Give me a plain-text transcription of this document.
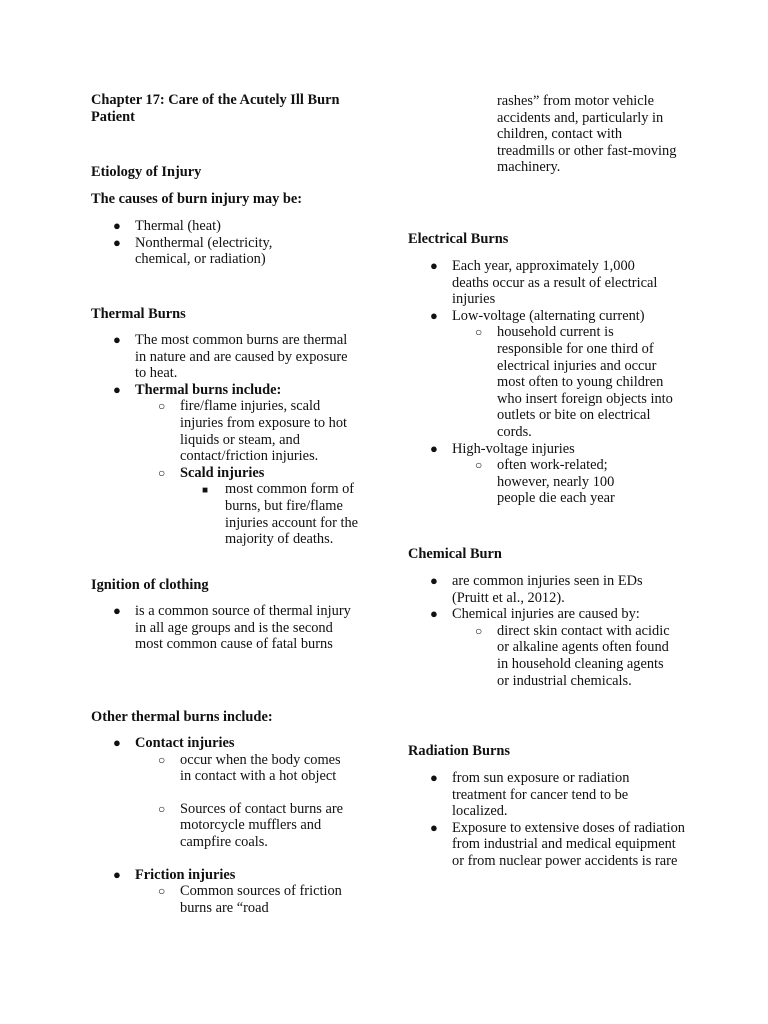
Chapter 17: Care of the Acutely Ill Burn Patient
Etiology of Injury
The causes of burn injury may be:
● Thermal (heat)
● Nonthermal (electricity, chemical, or radiation)
Thermal Burns
● The most common burns are thermal in nature and are caused by exposure to heat.
● Thermal burns include:
○ fire/flame injuries, scald injuries from exposure to hot liquids or steam, and contact/friction injuries.
○ Scald injuries
■ most common form of burns, but fire/flame injuries account for the majority of deaths.
Ignition of clothing
● is a common source of thermal injury in all age groups and is the second most common cause of fatal burns
Other thermal burns include:
● Contact injuries
○ occur when the body comes in contact with a hot object
○ Sources of contact burns are motorcycle mufflers and campfire coals.
● Friction injuries
○ Common sources of friction burns are “road

rashes” from motor vehicle accidents and, particularly in children, contact with treadmills or other fast-moving machinery.

Electrical Burns
● Each year, approximately 1,000 deaths occur as a result of electrical injuries
● Low-voltage (alternating current)
○ household current is responsible for one third of electrical injuries and occur most often to young children who insert foreign objects into outlets or bite on electrical cords.
● High-voltage injuries
○ often work-related; however, nearly 100 people die each year
Chemical Burn
● are common injuries seen in EDs (Pruitt et al., 2012).
● Chemical injuries are caused by:
○ direct skin contact with acidic or alkaline agents often found in household cleaning agents or industrial chemicals.
Radiation Burns
● from sun exposure or radiation treatment for cancer tend to be localized.
● Exposure to extensive doses of radiation from industrial and medical equipment or from nuclear power accidents is rare
